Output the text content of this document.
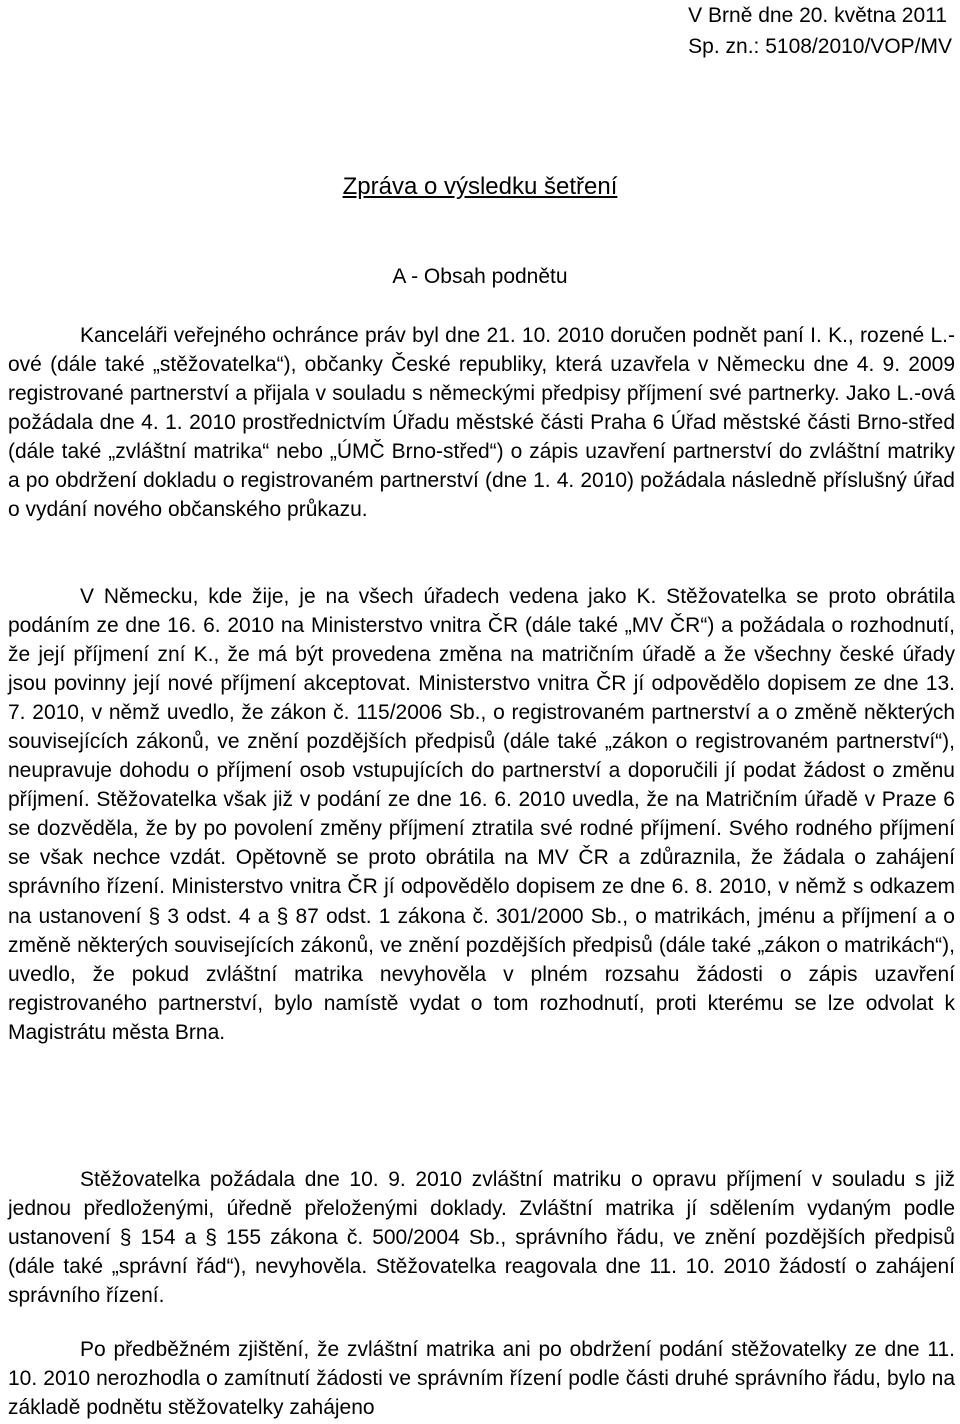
V Brně dne 20. května 2011
Sp. zn.: 5108/2010/VOP/MV
Zpráva o výsledku šetření
A - Obsah podnětu

Kanceláři veřejného ochránce práv byl dne 21. 10. 2010 doručen podnět paní I. K., rozené L.-ové (dále také „stěžovatelka“), občanky České republiky, která uzavřela v Německu dne 4. 9. 2009 registrované partnerství a přijala v souladu s německými předpisy příjmení své partnerky. Jako L.-ová požádala dne 4. 1. 2010 prostřednictvím Úřadu městské části Praha 6 Úřad městské části Brno-střed (dále také „zvláštní matrika“ nebo „ÚMČ Brno-střed“) o zápis uzavření partnerství do zvláštní matriky a po obdržení dokladu o registrovaném partnerství (dne 1. 4. 2010) požádala následně příslušný úřad o vydání nového občanského průkazu.

V Německu, kde žije, je na všech úřadech vedena jako K. Stěžovatelka se proto obrátila podáním ze dne 16. 6. 2010 na Ministerstvo vnitra ČR (dále také „MV ČR“) a požádala o rozhodnutí, že její příjmení zní K., že má být provedena změna na matričním úřadě a že všechny české úřady jsou povinny její nové příjmení akceptovat. Ministerstvo vnitra ČR jí odpovědělo dopisem ze dne 13. 7. 2010, v němž uvedlo, že zákon č. 115/2006 Sb., o registrovaném partnerství a o změně některých souvisejících zákonů, ve znění pozdějších předpisů (dále také „zákon o registrovaném partnerství“), neupravuje dohodu o příjmení osob vstupujících do partnerství a doporučili jí podat žádost o změnu příjmení. Stěžovatelka však již v podání ze dne 16. 6. 2010 uvedla, že na Matričním úřadě v Praze 6 se dozvěděla, že by po povolení změny příjmení ztratila své rodné příjmení. Svého rodného příjmení se však nechce vzdát. Opětovně se proto obrátila na MV ČR a zdůraznila, že žádala o zahájení správního řízení. Ministerstvo vnitra ČR jí odpovědělo dopisem ze dne 6. 8. 2010, v němž s odkazem na ustanovení § 3 odst. 4 a § 87 odst. 1 zákona č. 301/2000 Sb., o matrikách, jménu a příjmení a o změně některých souvisejících zákonů, ve znění pozdějších předpisů (dále také „zákon o matrikách“), uvedlo, že pokud zvláštní matrika nevyhověla v plném rozsahu žádosti o zápis uzavření registrovaného partnerství, bylo namístě vydat o tom rozhodnutí, proti kterému se lze odvolat k Magistrátu města Brna.

Stěžovatelka požádala dne 10. 9. 2010 zvláštní matriku o opravu příjmení v souladu s již jednou předloženými, úředně přeloženými doklady. Zvláštní matrika jí sdělením vydaným podle ustanovení § 154 a § 155 zákona č. 500/2004 Sb., správního řádu, ve znění pozdějších předpisů (dále také „správní řád“), nevyhověla. Stěžovatelka reagovala dne 11. 10. 2010 žádostí o zahájení správního řízení.

Po předběžném zjištění, že zvláštní matrika ani po obdržení podání stěžovatelky ze dne 11. 10. 2010 nerozhodla o zamítnutí žádosti ve správním řízení podle části druhé správního řádu, bylo na základě podnětu stěžovatelky zahájeno
